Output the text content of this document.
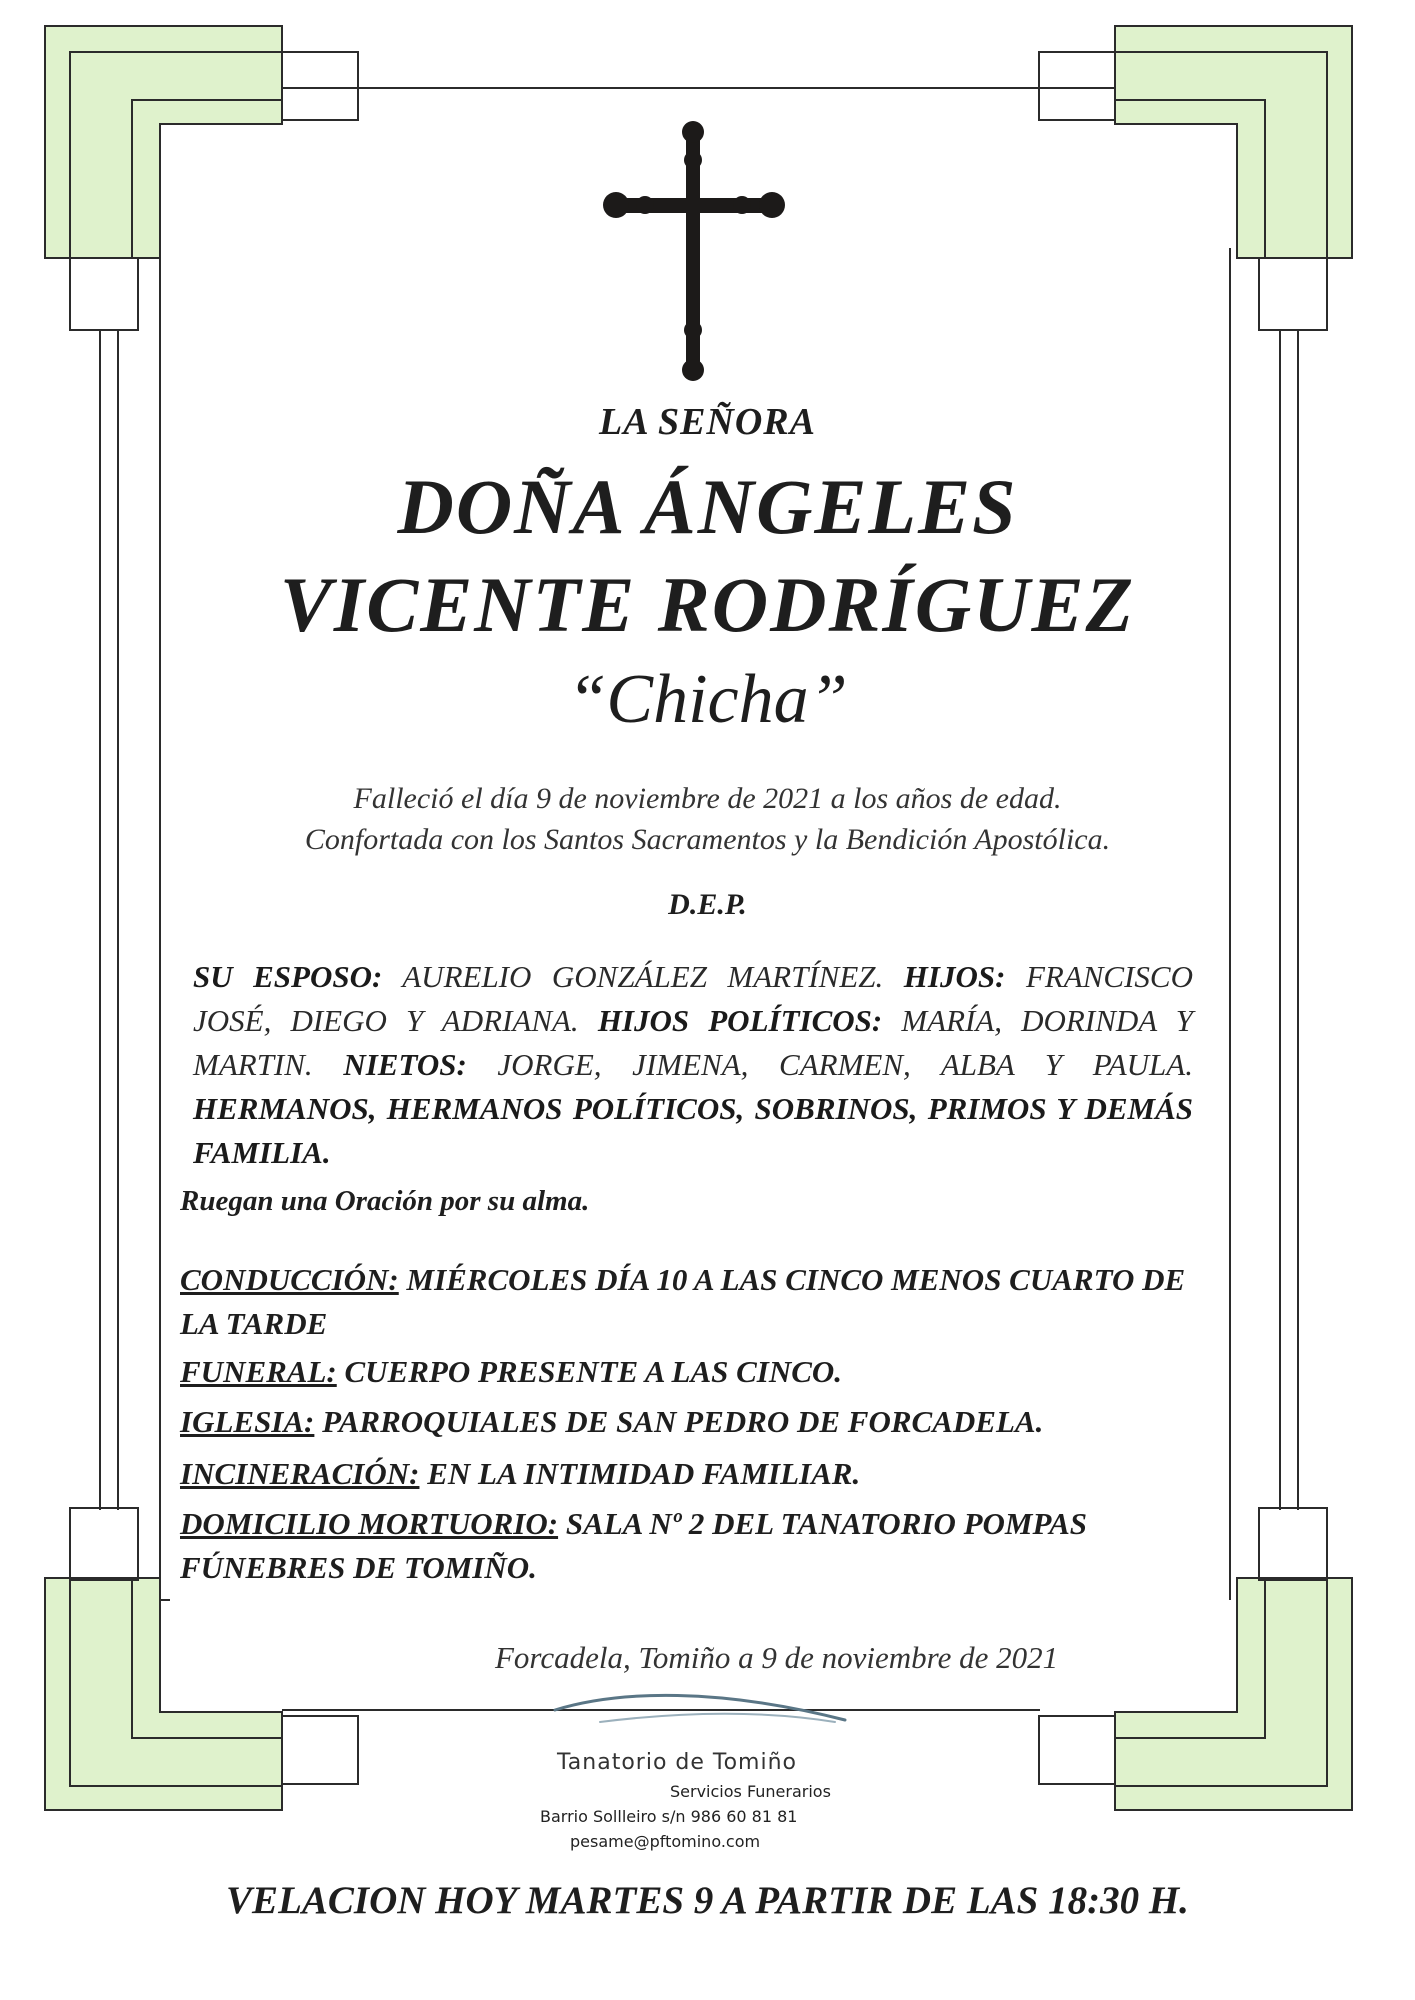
LA SEÑORA
DOÑA ÁNGELES
VICENTE RODRÍGUEZ
“Chicha”
Falleció el día 9 de noviembre de 2021 a los años de edad.
Confortada con los Santos Sacramentos y la Bendición Apostólica.
D.E.P.
SU ESPOSO: AURELIO GONZÁLEZ MARTÍNEZ. HIJOS: FRANCISCO JOSÉ, DIEGO Y ADRIANA. HIJOS POLÍTICOS: MARÍA, DORINDA Y MARTIN. NIETOS: JORGE, JIMENA, CARMEN, ALBA Y PAULA. HERMANOS, HERMANOS POLÍTICOS, SOBRINOS, PRIMOS Y DEMÁS FAMILIA.
Ruegan una Oración por su alma.
CONDUCCIÓN: MIÉRCOLES DÍA 10 A LAS CINCO MENOS CUARTO DE LA TARDE
FUNERAL: CUERPO PRESENTE A LAS CINCO.
IGLESIA: PARROQUIALES DE SAN PEDRO DE FORCADELA.
INCINERACIÓN: EN LA INTIMIDAD FAMILIAR.
DOMICILIO MORTUORIO: SALA Nº 2 DEL TANATORIO POMPAS FÚNEBRES DE TOMIÑO.
Forcadela, Tomiño a 9 de noviembre de 2021
Tanatorio de Tomiño
Servicios Funerarios
Barrio Sollleiro s/n 986 60 81 81
pesame@pftomino.com
VELACION HOY MARTES 9 A PARTIR DE LAS 18:30 H.
